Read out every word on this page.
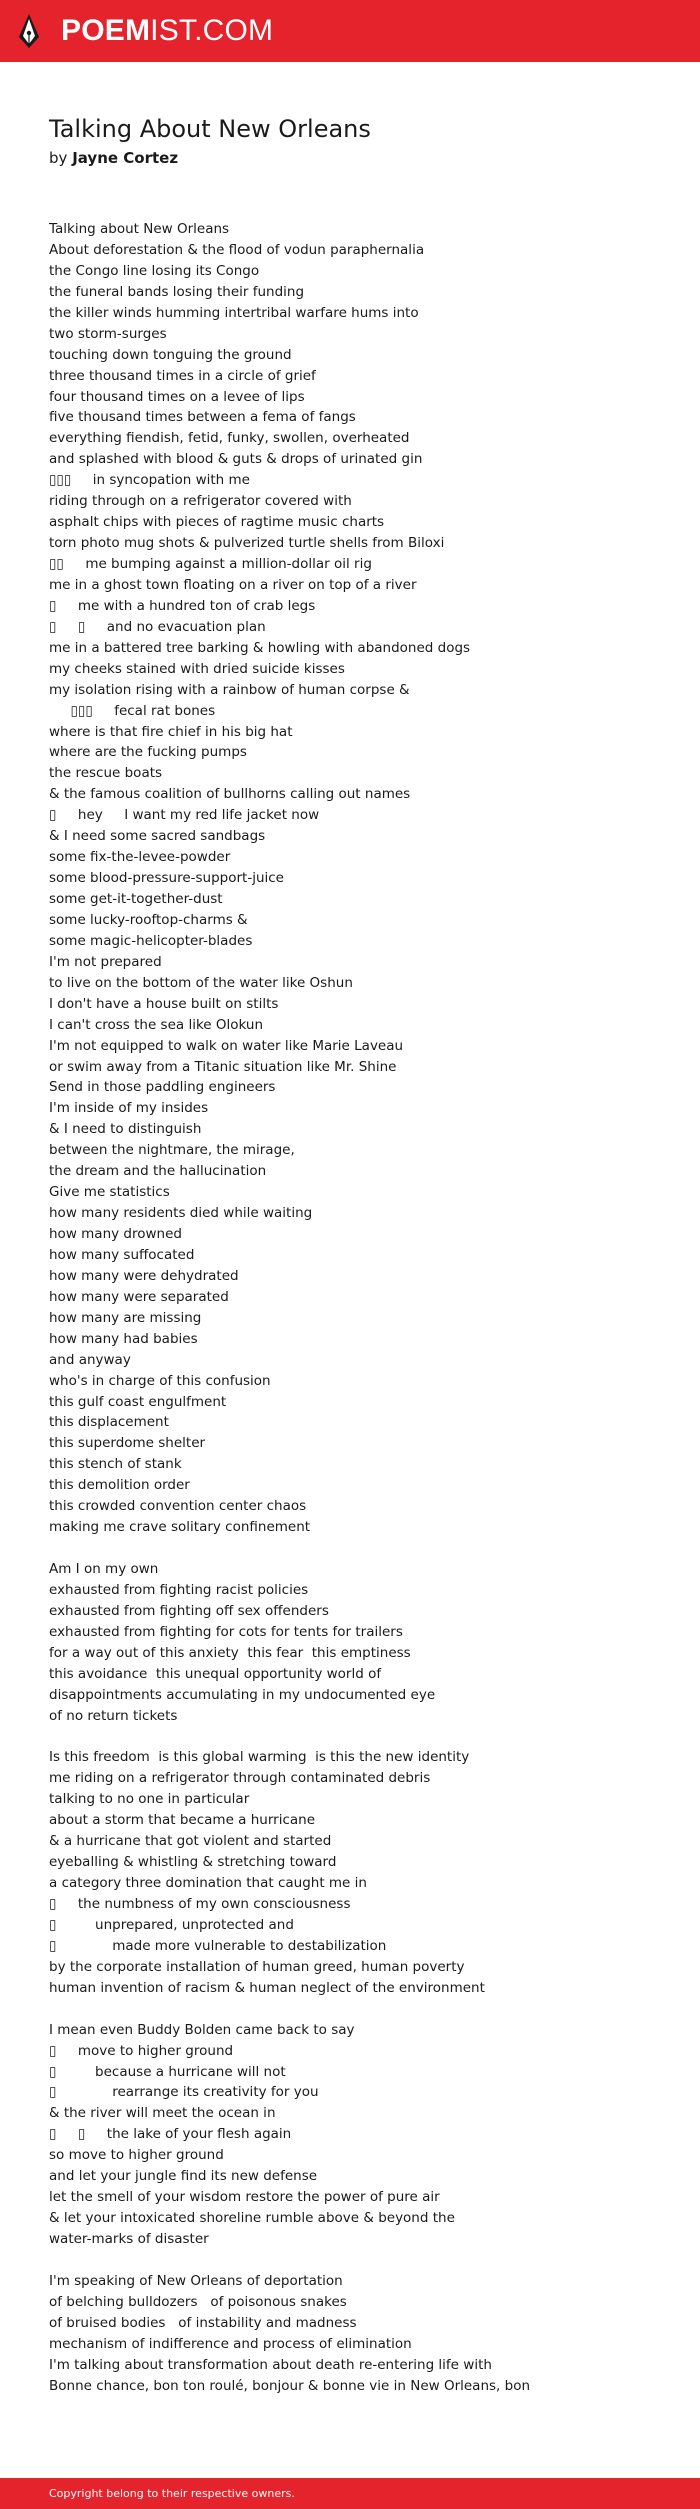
POEMIST.COM
Talking About New Orleans
by Jayne Cortez
Talking about New Orleans
About deforestation & the flood of vodun paraphernalia
the Congo line losing its Congo
the funeral bands losing their funding
the killer winds humming intertribal warfare hums into
two storm-surges
touching down tonguing the ground
three thousand times in a circle of grief
four thousand times on a levee of lips
five thousand times between a fema of fangs
everything fiendish, fetid, funky, swollen, overheated
and splashed with blood & guts & drops of urinated gin
▯▯▯     in syncopation with me
riding through on a refrigerator covered with
asphalt chips with pieces of ragtime music charts
torn photo mug shots & pulverized turtle shells from Biloxi
▯▯     me bumping against a million-dollar oil rig
me in a ghost town floating on a river on top of a river
▯     me with a hundred ton of crab legs
▯     ▯     and no evacuation plan
me in a battered tree barking & howling with abandoned dogs
my cheeks stained with dried suicide kisses
my isolation rising with a rainbow of human corpse &
▯▯▯     fecal rat bones
where is that fire chief in his big hat
where are the fucking pumps
the rescue boats
& the famous coalition of bullhorns calling out names
▯     hey     I want my red life jacket now
& I need some sacred sandbags
some fix-the-levee-powder
some blood-pressure-support-juice
some get-it-together-dust
some lucky-rooftop-charms &
some magic-helicopter-blades
I'm not prepared
to live on the bottom of the water like Oshun
I don't have a house built on stilts
I can't cross the sea like Olokun
I'm not equipped to walk on water like Marie Laveau
or swim away from a Titanic situation like Mr. Shine
Send in those paddling engineers
I'm inside of my insides
& I need to distinguish
between the nightmare, the mirage,
the dream and the hallucination
Give me statistics
how many residents died while waiting
how many drowned
how many suffocated
how many were dehydrated
how many were separated
how many are missing
how many had babies
and anyway
who's in charge of this confusion
this gulf coast engulfment
this displacement
this superdome shelter
this stench of stank
this demolition order
this crowded convention center chaos
making me crave solitary confinement
Am I on my own
exhausted from fighting racist policies
exhausted from fighting off sex offenders
exhausted from fighting for cots for tents for trailers
for a way out of this anxiety  this fear  this emptiness
this avoidance  this unequal opportunity world of
disappointments accumulating in my undocumented eye
of no return tickets
Is this freedom  is this global warming  is this the new identity
me riding on a refrigerator through contaminated debris
talking to no one in particular
about a storm that became a hurricane
& a hurricane that got violent and started
eyeballing & whistling & stretching toward
a category three domination that caught me in
▯     the numbness of my own consciousness
▯         unprepared, unprotected and
▯             made more vulnerable to destabilization
by the corporate installation of human greed, human poverty
human invention of racism & human neglect of the environment
I mean even Buddy Bolden came back to say
▯     move to higher ground
▯         because a hurricane will not
▯             rearrange its creativity for you
& the river will meet the ocean in
▯     ▯     the lake of your flesh again
so move to higher ground
and let your jungle find its new defense
let the smell of your wisdom restore the power of pure air
& let your intoxicated shoreline rumble above & beyond the
water-marks of disaster
I'm speaking of New Orleans of deportation
of belching bulldozers   of poisonous snakes
of bruised bodies   of instability and madness
mechanism of indifference and process of elimination
I'm talking about transformation about death re-entering life with
Bonne chance, bon ton roulé, bonjour & bonne vie in New Orleans, bon
Copyright belong to their respective owners.
